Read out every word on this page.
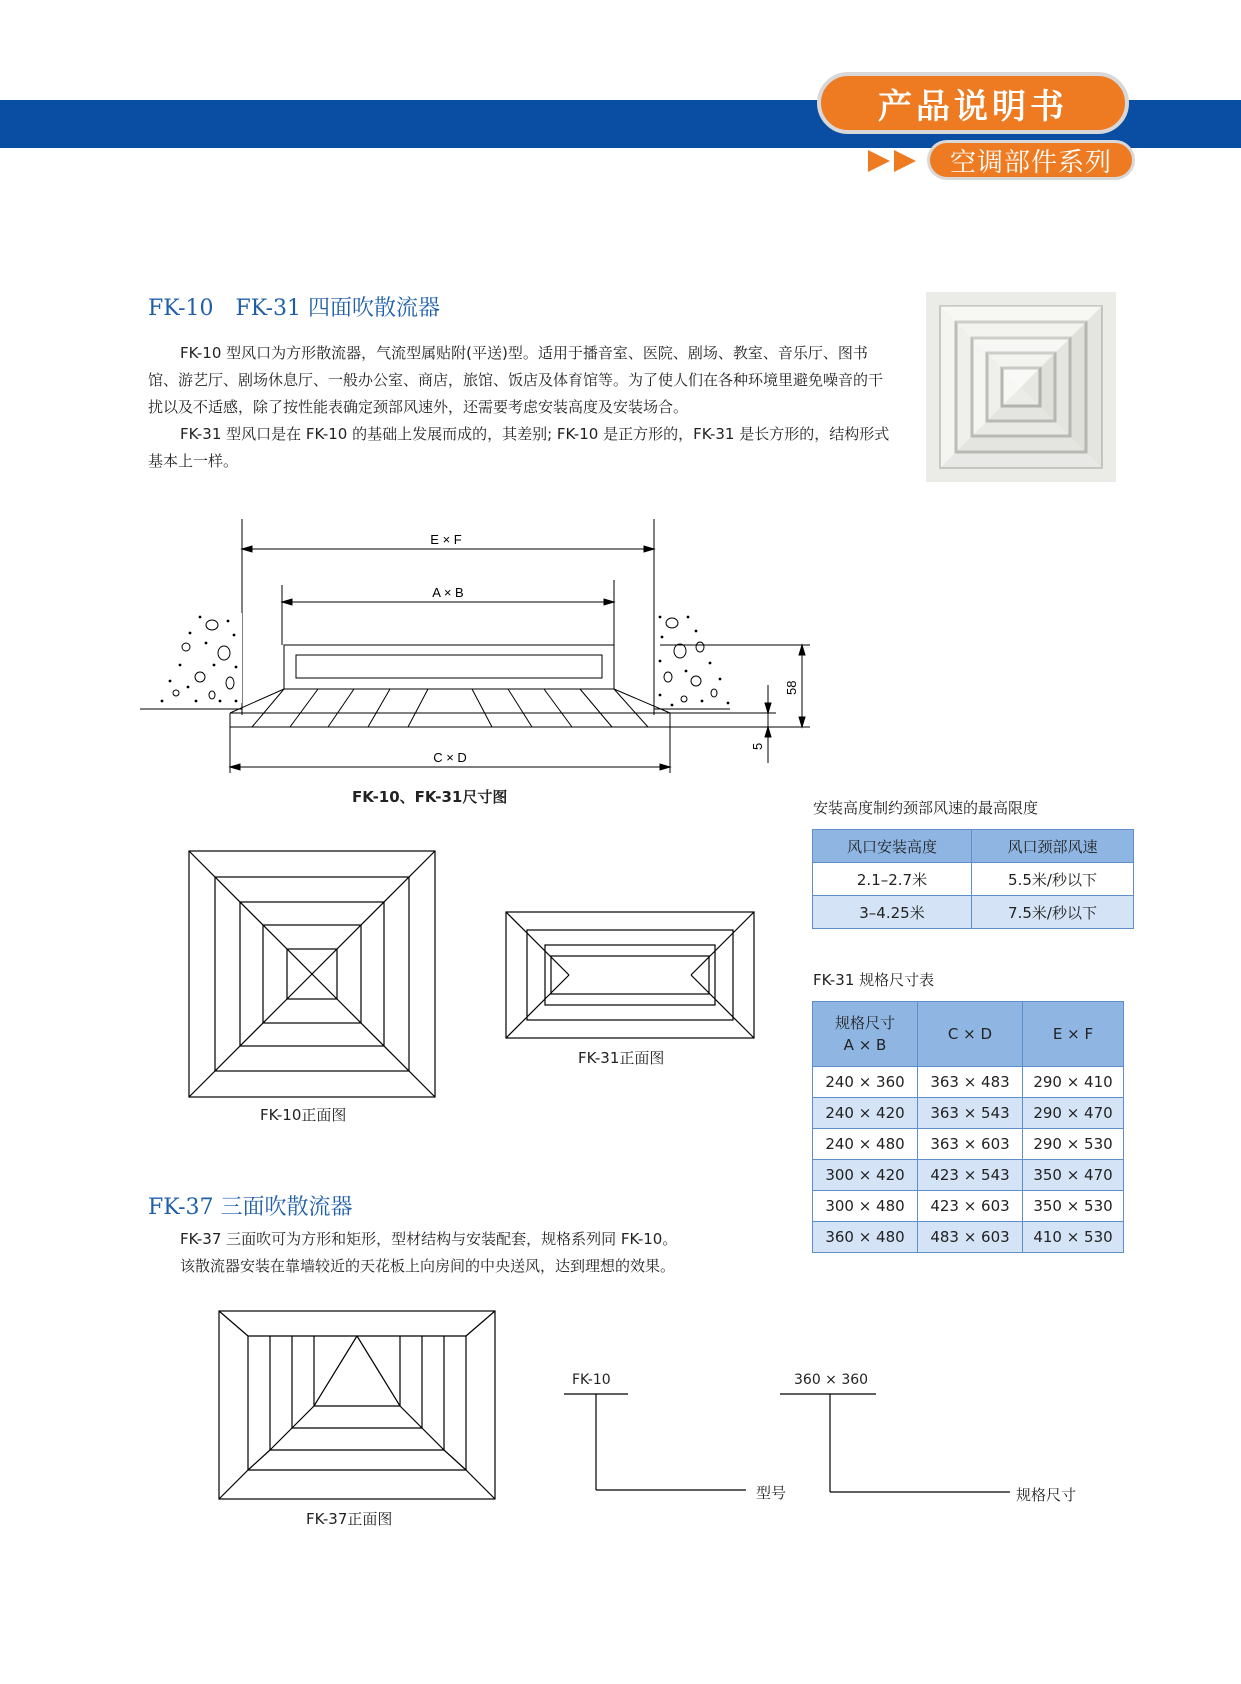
产品说明书
空调部件系列
FK-10　FK-31 四面吹散流器

FK-10 型风口为方形散流器，气流型属贴附(平送)型。适用于播音室、医院、剧场、教室、音乐厅、图书馆、游艺厅、剧场休息厅、一般办公室、商店，旅馆、饭店及体育馆等。为了使人们在各种环境里避免噪音的干扰以及不适感，除了按性能表确定颈部风速外，还需要考虑安装高度及安装场合。

FK-31 型风口是在 FK-10 的基础上发展而成的，其差别; FK-10 是正方形的，FK-31 是长方形的，结构形式基本上一样。

E × F
A × B
C × D
58
5
FK-10、FK-31尺寸图
FK-10正面图
FK-31正面图
安装高度制约颈部风速的最高限度
风口安装高度	风口颈部风速
2.1–2.7米	5.5米/秒以下
3–4.25米	7.5米/秒以下
FK-31 规格尺寸表
规格尺寸
A × B	C × D	E × F
240 × 360	363 × 483	290 × 410
240 × 420	363 × 543	290 × 470
240 × 480	363 × 603	290 × 530
300 × 420	423 × 543	350 × 470
300 × 480	423 × 603	350 × 530
360 × 480	483 × 603	410 × 530
FK-37 三面吹散流器
FK-37 三面吹可为方形和矩形，型材结构与安装配套，规格系列同 FK-10。
该散流器安装在靠墙较近的天花板上向房间的中央送风，达到理想的效果。
FK-37正面图
FK-10	360 × 360
型号	规格尺寸
